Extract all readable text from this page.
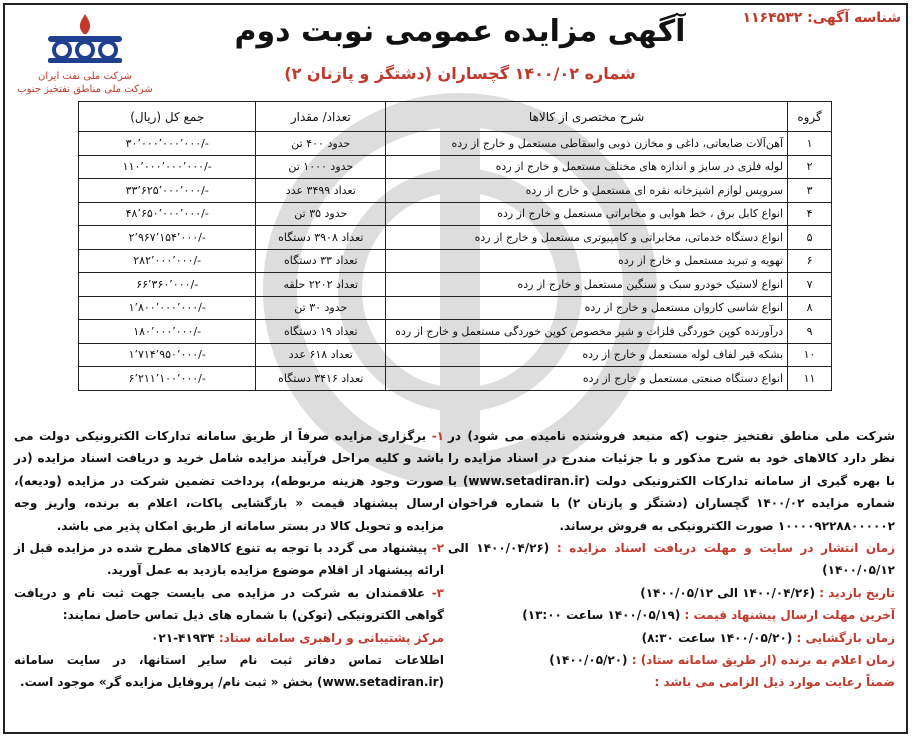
شناسه آگهی: ۱۱۶۴۵۳۲
آگهی مزایده عمومی نوبت دوم
شماره ۱۴۰۰/۰۲ گچساران (دشتگز و پازنان ۲)
شرکت ملی نفت ایران
شرکت ملی مناطق نفتخیز جنوب
گروه	شرح مختصری از کالاها	تعداد/ مقدار	جمع کل (ریال)
۱	آهن‌آلات ضایعاتی، داغی و مخازن ذوبی واسقاطی مستعمل و خارج از رده	حدود ۴۰۰ تن	۳۰٬۰۰۰٬۰۰۰٬۰۰۰/-
۲	لوله فلزی در سایز و اندازه های مختلف مستعمل و خارج از رده	حدود ۱۰۰۰ تن	۱۱۰٬۰۰۰٬۰۰۰٬۰۰۰/-
۳	سرویس لوازم اشپزخانه نقره ای مستعمل و خارج از رده	تعداد ۳۴۹۹ عدد	۳۳٬۶۲۵٬۰۰۰٬۰۰۰/-
۴	انواع کابل برق ، خط هوایی و مخابراتی مستعمل و خارج از رده	حدود ۳۵ تن	۴۸٬۶۵۰٬۰۰۰٬۰۰۰/-
۵	انواع دستگاه خدماتی، مخابراتی و کامپیوتری مستعمل و خارج از رده	تعداد ۳۹۰۸ دستگاه	۲٬۹۶۷٬۱۵۴٬۰۰۰/-
۶	تهویه و تبرید مستعمل و خارج از رده	تعداد ۳۳ دستگاه	۲۸۲٬۰۰۰٬۰۰۰/-
۷	انواع لاستیک خودرو سبک و سنگین مستعمل و خارج از رده	تعداد ۲۲۰۲ حلقه	۶۶٬۳۶۰٬۰۰۰/-
۸	انواع شاسی کاروان مستعمل و خارج از رده	حدود ۳۰ تن	۱٬۸۰۰٬۰۰۰٬۰۰۰/-
۹	درآورنده کوپن خوردگی فلزات و شیر مخصوص کوپن خوردگی مستعمل و خارج از رده	تعداد ۱۹ دستگاه	۱۸۰٬۰۰۰٬۰۰۰/-
۱۰	بشکه قیر لفاف لوله مستعمل و خارج از رده	تعداد ۶۱۸ عدد	۱٬۷۱۴٬۹۵۰٬۰۰۰/-
۱۱	انواع دستگاه صنعتی مستعمل و خارج از رده	تعداد ۳۴۱۶ دستگاه	۶٬۲۱۱٬۱۰۰٬۰۰۰/-

شرکت ملی مناطق نفتخیز جنوب (که منبعد فروشنده نامیده می شود) در نظر دارد کالاهای خود به شرح مذکور و با جزئیات مندرج در اسناد مزایده را با بهره گیری از سامانه تدارکات الکترونیکی دولت (www.setadiran.ir) با شماره مزایده ۱۴۰۰/۰۲ گچساران (دشتگز و پازنان ۲) با شماره فراخوان ۱۰۰۰۰۹۲۲۸۸۰۰۰۰۰۲ صورت الکترونیکی به فروش برساند.

زمان انتشار در سایت و مهلت دریافت اسناد مزایده : (۱۴۰۰/۰۴/۲۶ الی ۱۴۰۰/۰۵/۱۲)

تاریخ بازدید : (۱۴۰۰/۰۴/۲۶ الی ۱۴۰۰/۰۵/۱۲)

آخرین مهلت ارسال پیشنهاد قیمت : (۱۴۰۰/۰۵/۱۹ ساعت ۱۳:۰۰)

زمان بازگشایی : (۱۴۰۰/۰۵/۲۰ ساعت ۸:۳۰)

زمان اعلام به برنده (از طریق سامانه ستاد) : (۱۴۰۰/۰۵/۲۰)

ضمناً رعایت موارد ذیل الزامی می باشد :

۱- برگزاری مزایده صرفاً از طریق سامانه تدارکات الکترونیکی دولت می باشد و کلیه مراحل فرآیند مزایده شامل خرید و دریافت اسناد مزایده (در صورت وجود هزینه مربوطه)، پرداخت تضمین شرکت در مزایده (ودیعه)، ارسال پیشنهاد قیمت « بازگشایی پاکات، اعلام به برنده، واریز وجه مزایده و تحویل کالا در بستر سامانه از طریق امکان پذیر می باشد.

۲- پیشنهاد می گردد با توجه به تنوع کالاهای مطرح شده در مزایده قبل از ارائه پیشنهاد از اقلام موضوع مزایده بازدید به عمل آورید.

۳- علاقمندان به شرکت در مزایده می بایست جهت ثبت نام و دریافت گواهی الکترونیکی (توکن) با شماره های ذیل تماس حاصل نمایند:

مرکز پشتیبانی و راهبری سامانه ستاد: ۰۲۱-۴۱۹۳۴

اطلاعات تماس دفاتر ثبت نام سایر استانها، در سایت سامانه (www.setadiran.ir) بخش « ثبت نام/ پروفایل مزایده گر» موجود است.
